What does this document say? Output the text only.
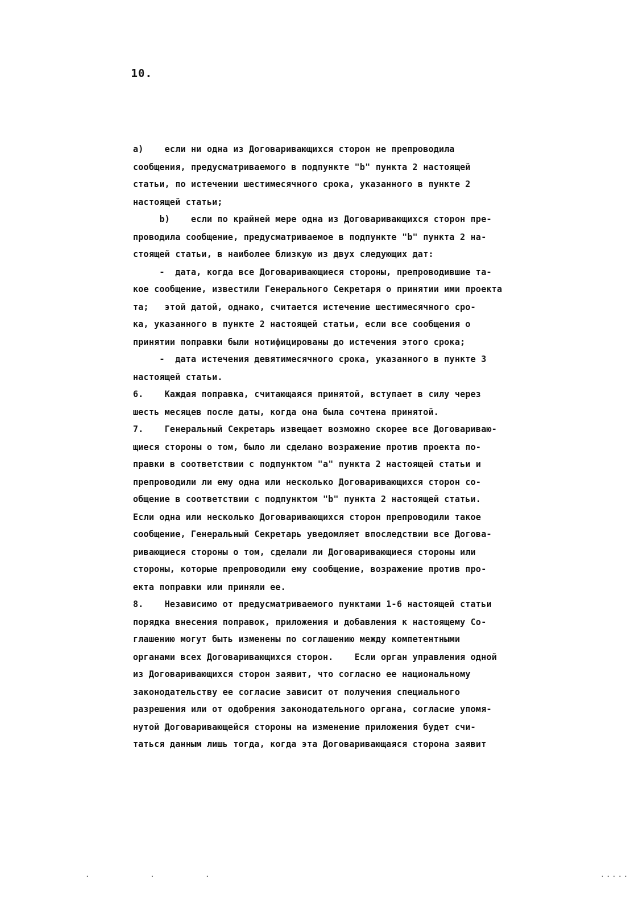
10.
а)    если ни одна из Договаривающихся сторон не препроводила
сообщения, предусматриваемого в подпункте "b" пункта 2 настоящей
статьи, по истечении шестимесячного срока, указанного в пункте 2
настоящей статьи;
b)    если по крайней мере одна из Договаривающихся сторон пре-
проводила сообщение, предусматриваемое в подпункте "b" пункта 2 на-
стоящей статьи, в наиболее близкую из двух следующих дат:
-  дата, когда все Договаривающиеся стороны, препроводившие та-
кое сообщение, известили Генерального Секретаря о принятии ими проекта
та;   этой датой, однако, считается истечение шестимесячного сро-
ка, указанного в пункте 2 настоящей статьи, если все сообщения о
принятии поправки были нотифицированы до истечения этого срока;
-  дата истечения девятимесячного срока, указанного в пункте 3
настоящей статьи.
6.    Каждая поправка, считающаяся принятой, вступает в силу через
шесть месяцев после даты, когда она была сочтена принятой.
7.    Генеральный Секретарь извещает возможно скорее все Договариваю-
щиеся стороны о том, было ли сделано возражение против проекта по-
правки в соответствии с подпунктом "a" пункта 2 настоящей статьи и
препроводили ли ему одна или несколько Договаривающихся сторон со-
общение в соответствии с подпунктом "b" пункта 2 настоящей статьи.
Если одна или несколько Договаривающихся сторон препроводили такое
сообщение, Генеральный Секретарь уведомляет впоследствии все Догова-
ривающиеся стороны о том, сделали ли Договаривающиеся стороны или
стороны, которые препроводили ему сообщение, возражение против про-
екта поправки или приняли ее.
8.    Независимо от предусматриваемого пунктами 1-6 настоящей статьи
порядка внесения поправок, приложения и добавления к настоящему Со-
глашению могут быть изменены по соглашению между компетентными
органами всех Договаривающихся сторон.    Если орган управления одной
из Договаривающихся сторон заявит, что согласно ее национальному
законодательству ее согласие зависит от получения специального
разрешения или от одобрения законодательного органа, согласие упомя-
нутой Договаривающейся стороны на изменение приложения будет счи-
таться данным лишь тогда, когда эта Договаривающаяся сторона заявит
.	.	.	.....
